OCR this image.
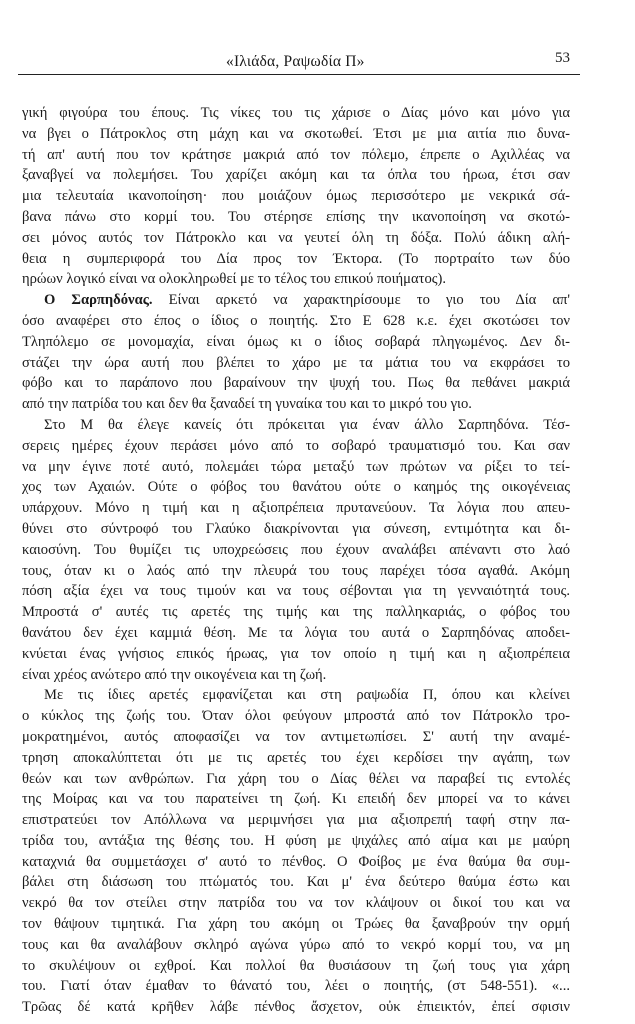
«Ιλιάδα, Ραψωδία Π»	53
γική φιγούρα του έπους. Τις νίκες του τις χάρισε ο Δίας μόνο και μόνο για
να βγει ο Πάτροκλος στη μάχη και να σκοτωθεί. Έτσι με μια αιτία πιο δυνα-
τή απ' αυτή που τον κράτησε μακριά από τον πόλεμο, έπρεπε ο Αχιλλέας να
ξαναβγεί να πολεμήσει. Του χαρίζει ακόμη και τα όπλα του ήρωα, έτσι σαν
μια τελευταία ικανοποίηση· που μοιάζουν όμως περισσότερο με νεκρικά σά-
βανα πάνω στο κορμί του. Του στέρησε επίσης την ικανοποίηση να σκοτώ-
σει μόνος αυτός τον Πάτροκλο και να γευτεί όλη τη δόξα. Πολύ άδικη αλή-
θεια η συμπεριφορά του Δία προς τον Έκτορα. (Το πορτραίτο των δύο
ηρώων λογικό είναι να ολοκληρωθεί με το τέλος του επικού ποιήματος).
Ο Σαρπηδόνας. Είναι αρκετό να χαρακτηρίσουμε το γιο του Δία απ'
όσο αναφέρει στο έπος ο ίδιος ο ποιητής. Στο Ε 628 κ.ε. έχει σκοτώσει τον
Τληπόλεμο σε μονομαχία, είναι όμως κι ο ίδιος σοβαρά πληγωμένος. Δεν δι-
στάζει την ώρα αυτή που βλέπει το χάρο με τα μάτια του να εκφράσει το
φόβο και το παράπονο που βαραίνουν την ψυχή του. Πως θα πεθάνει μακριά
από την πατρίδα του και δεν θα ξαναδεί τη γυναίκα του και το μικρό του γιο.
Στο Μ θα έλεγε κανείς ότι πρόκειται για έναν άλλο Σαρπηδόνα. Τέσ-
σερεις ημέρες έχουν περάσει μόνο από το σοβαρό τραυματισμό του. Και σαν
να μην έγινε ποτέ αυτό, πολεμάει τώρα μεταξύ των πρώτων να ρίξει το τεί-
χος των Αχαιών. Ούτε ο φόβος του θανάτου ούτε ο καημός της οικογένειας
υπάρχουν. Μόνο η τιμή και η αξιοπρέπεια πρυτανεύουν. Τα λόγια που απευ-
θύνει στο σύντροφό του Γλαύκο διακρίνονται για σύνεση, εντιμότητα και δι-
καιοσύνη. Του θυμίζει τις υποχρεώσεις που έχουν αναλάβει απέναντι στο λαό
τους, όταν κι ο λαός από την πλευρά του τους παρέχει τόσα αγαθά. Ακόμη
πόση αξία έχει να τους τιμούν και να τους σέβονται για τη γενναιότητά τους.
Μπροστά σ' αυτές τις αρετές της τιμής και της παλληκαριάς, ο φόβος του
θανάτου δεν έχει καμμιά θέση. Με τα λόγια του αυτά ο Σαρπηδόνας αποδει-
κνύεται ένας γνήσιος επικός ήρωας, για τον οποίο η τιμή και η αξιοπρέπεια
είναι χρέος ανώτερο από την οικογένεια και τη ζωή.
Με τις ίδιες αρετές εμφανίζεται και στη ραψωδία Π, όπου και κλείνει
ο κύκλος της ζωής του. Όταν όλοι φεύγουν μπροστά από τον Πάτροκλο τρο-
μοκρατημένοι, αυτός αποφασίζει να τον αντιμετωπίσει. Σ' αυτή την αναμέ-
τρηση αποκαλύπτεται ότι με τις αρετές του έχει κερδίσει την αγάπη, των
θεών και των ανθρώπων. Για χάρη του ο Δίας θέλει να παραβεί τις εντολές
της Μοίρας και να του παρατείνει τη ζωή. Κι επειδή δεν μπορεί να το κάνει
επιστρατεύει τον Απόλλωνα να μεριμνήσει για μια αξιοπρεπή ταφή στην πα-
τρίδα του, αντάξια της θέσης του. Η φύση με ψιχάλες από αίμα και με μαύρη
καταχνιά θα συμμετάσχει σ' αυτό το πένθος. Ο Φοίβος με ένα θαύμα θα συμ-
βάλει στη διάσωση του πτώματός του. Και μ' ένα δεύτερο θαύμα έστω και
νεκρό θα τον στείλει στην πατρίδα του να τον κλάψουν οι δικοί του και να
τον θάψουν τιμητικά. Για χάρη του ακόμη οι Τρώες θα ξαναβρούν την ορμή
τους και θα αναλάβουν σκληρό αγώνα γύρω από το νεκρό κορμί του, να μη
το σκυλέψουν οι εχθροί. Και πολλοί θα θυσιάσουν τη ζωή τους για χάρη
του. Γιατί όταν έμαθαν το θάνατό του, λέει ο ποιητής, (στ 548-551). «...
Τρῶας δέ κατά κρῆθεν λάβε πένθος ἄσχετον, οὐκ ἐπιεικτόν, ἐπεί σφισιν
